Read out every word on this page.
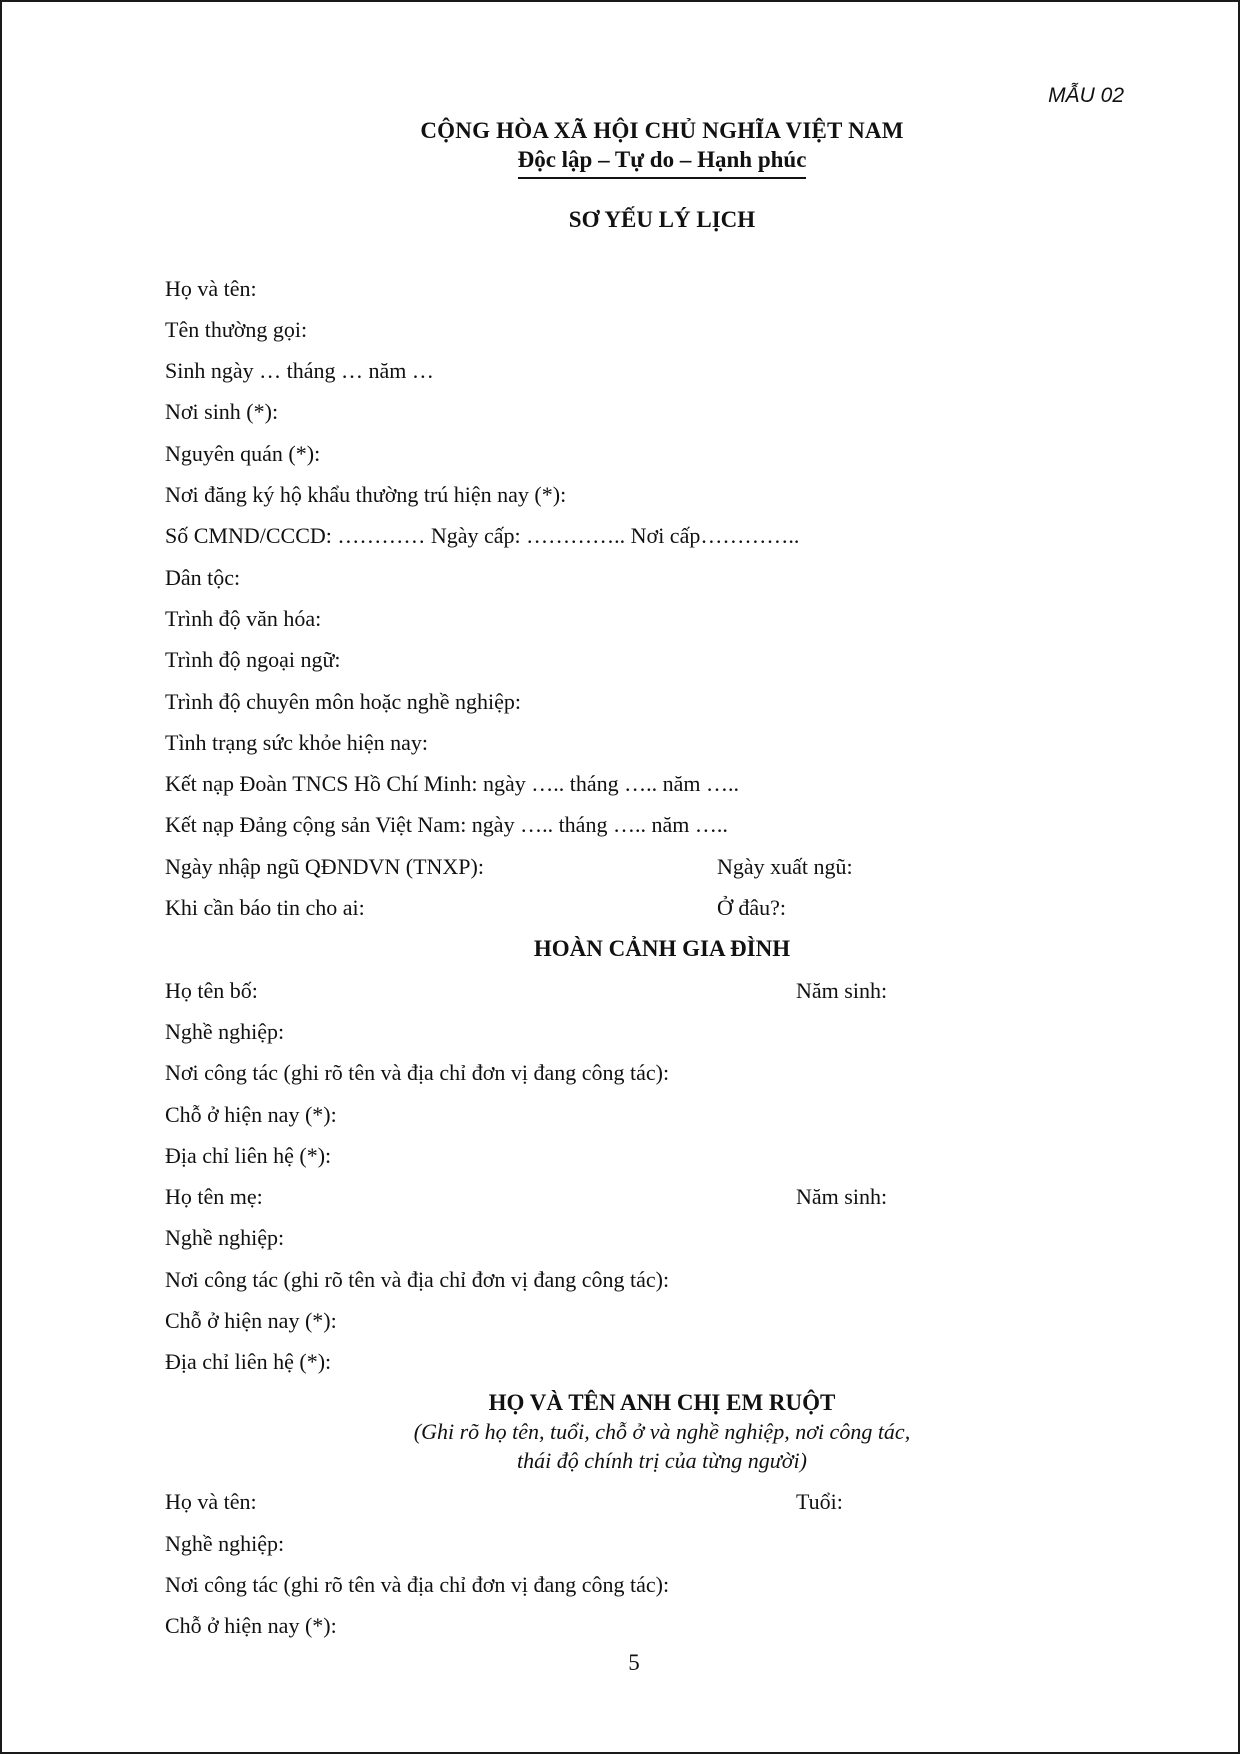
MẪU 02
CỘNG HÒA XÃ HỘI CHỦ NGHĨA VIỆT NAM
Độc lập – Tự do – Hạnh phúc
SƠ YẾU LÝ LỊCH
Họ và tên:
Tên thường gọi:
Sinh ngày … tháng … năm …
Nơi sinh (*):
Nguyên quán (*):
Nơi đăng ký hộ khẩu thường trú hiện nay (*):
Số CMND/CCCD: ………… Ngày cấp: ………….. Nơi cấp…………..
Dân tộc:
Trình độ văn hóa:
Trình độ ngoại ngữ:
Trình độ chuyên môn hoặc nghề nghiệp:
Tình trạng sức khỏe hiện nay:
Kết nạp Đoàn TNCS Hồ Chí Minh: ngày ….. tháng ….. năm …..
Kết nạp Đảng cộng sản Việt Nam: ngày ….. tháng ….. năm …..
Ngày nhập ngũ QĐNDVN (TNXP):	Ngày xuất ngũ:
Khi cần báo tin cho ai:	Ở đâu?:
HOÀN CẢNH GIA ĐÌNH
Họ tên bố:	Năm sinh:
Nghề nghiệp:
Nơi công tác (ghi rõ tên và địa chỉ đơn vị đang công tác):
Chỗ ở hiện nay (*):
Địa chỉ liên hệ (*):
Họ tên mẹ:	Năm sinh:
Nghề nghiệp:
Nơi công tác (ghi rõ tên và địa chỉ đơn vị đang công tác):
Chỗ ở hiện nay (*):
Địa chỉ liên hệ (*):
HỌ VÀ TÊN ANH CHỊ EM RUỘT
(Ghi rõ họ tên, tuổi, chỗ ở và nghề nghiệp, nơi công tác,
thái độ chính trị của từng người)
Họ và tên:	Tuổi:
Nghề nghiệp:
Nơi công tác (ghi rõ tên và địa chỉ đơn vị đang công tác):
Chỗ ở hiện nay (*):
5
